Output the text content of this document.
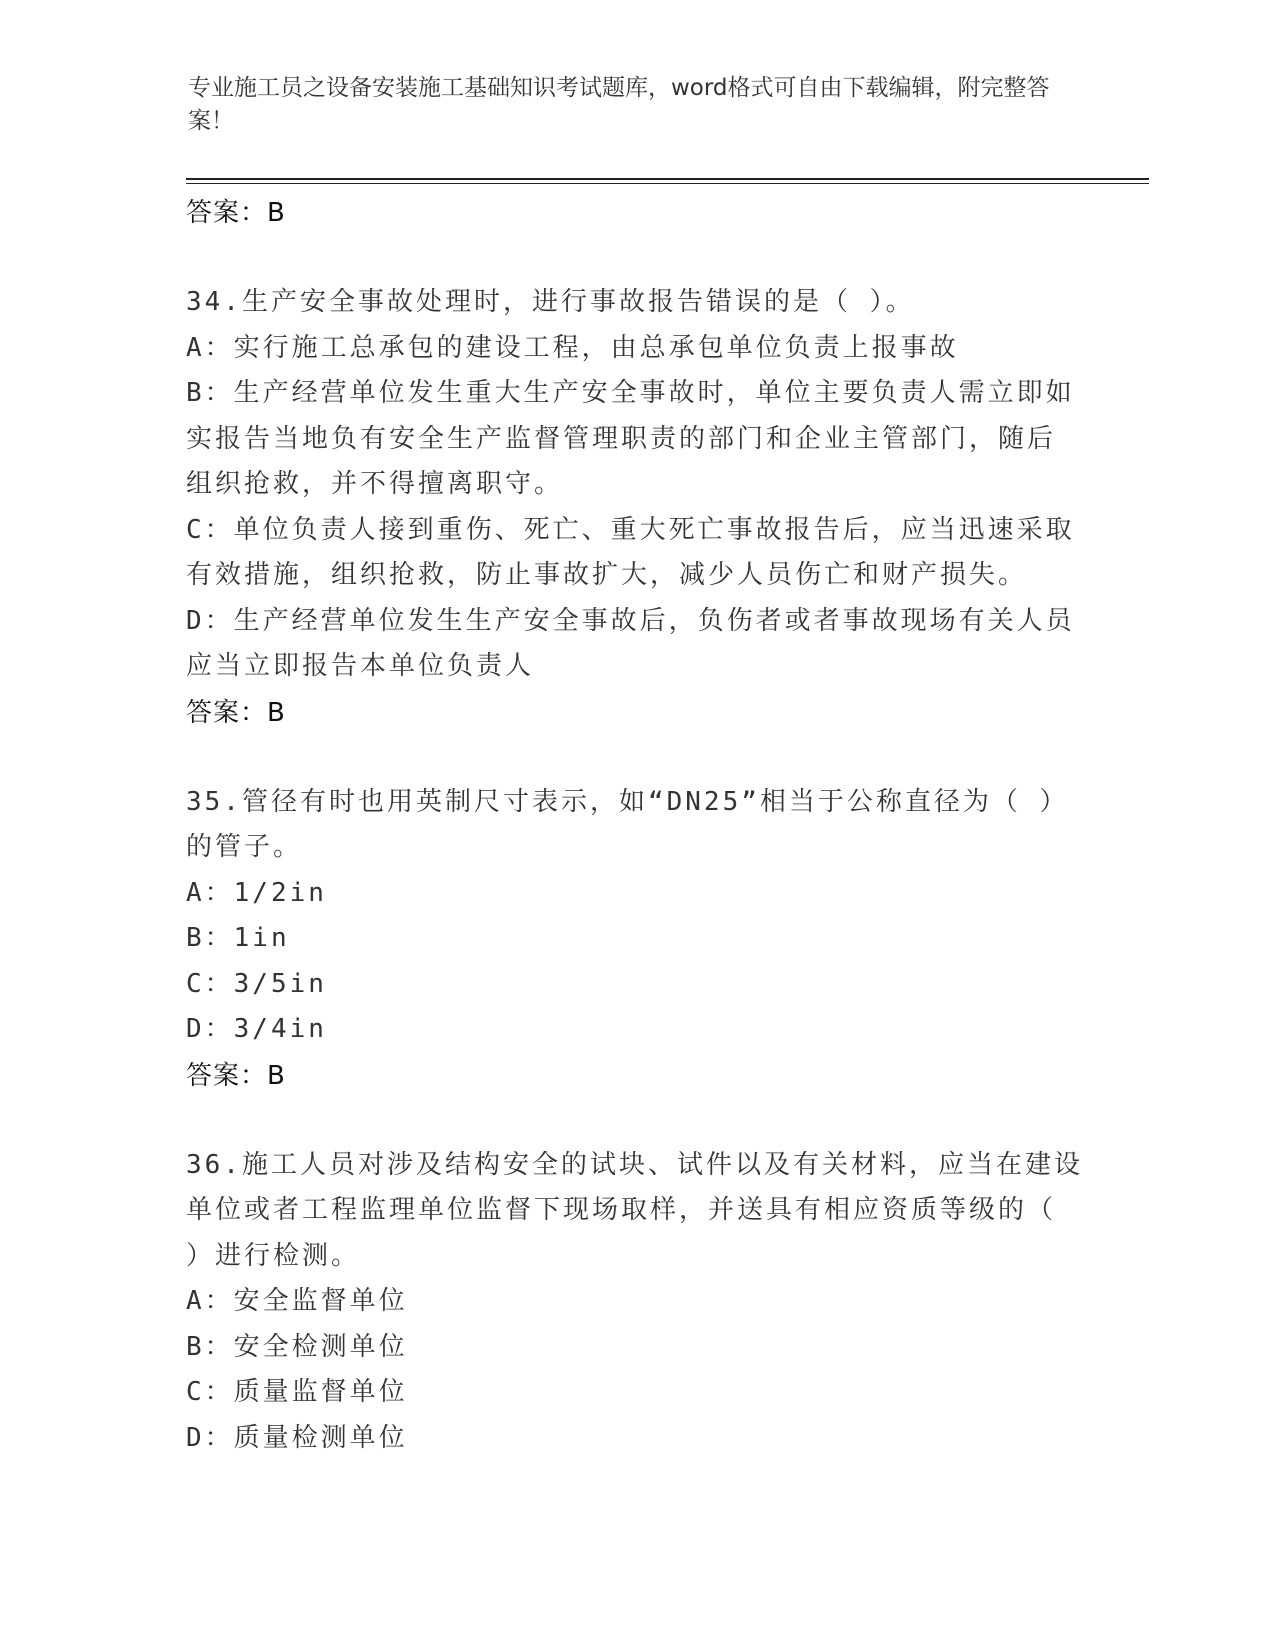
专业施工员之设备安装施工基础知识考试题库，word格式可自由下载编辑，附完整答案！
答案：B
34.生产安全事故处理时，进行事故报告错误的是（ ）。
A：实行施工总承包的建设工程，由总承包单位负责上报事故
B：生产经营单位发生重大生产安全事故时，单位主要负责人需立即如
实报告当地负有安全生产监督管理职责的部门和企业主管部门，随后
组织抢救，并不得擅离职守。
C：单位负责人接到重伤、死亡、重大死亡事故报告后，应当迅速采取
有效措施，组织抢救，防止事故扩大，减少人员伤亡和财产损失。
D：生产经营单位发生生产安全事故后，负伤者或者事故现场有关人员
应当立即报告本单位负责人
答案：B
35.管径有时也用英制尺寸表示，如“DN25”相当于公称直径为（ ）
的管子。
A：1/2in
B：1in
C：3/5in
D：3/4in
答案：B
36.施工人员对涉及结构安全的试块、试件以及有关材料，应当在建设
单位或者工程监理单位监督下现场取样，并送具有相应资质等级的（
）进行检测。
A：安全监督单位
B：安全检测单位
C：质量监督单位
D：质量检测单位
